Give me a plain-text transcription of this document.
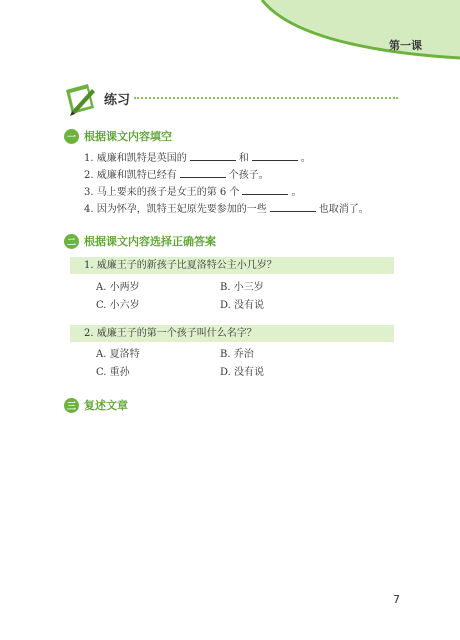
第一课
练习
一 根据课文内容填空
1. 威廉和凯特是英国的	和	。
2. 威廉和凯特已经有	个孩子。
3. 马上要来的孩子是女王的第 6 个	。
4. 因为怀孕，凯特王妃原先要参加的一些	也取消了。
二 根据课文内容选择正确答案
1. 威廉王子的新孩子比夏洛特公主小几岁？
A. 小两岁	B. 小三岁
C. 小六岁	D. 没有说
2. 威廉王子的第一个孩子叫什么名字？
A. 夏洛特	B. 乔治
C. 重孙	D. 没有说
三 复述文章
7
